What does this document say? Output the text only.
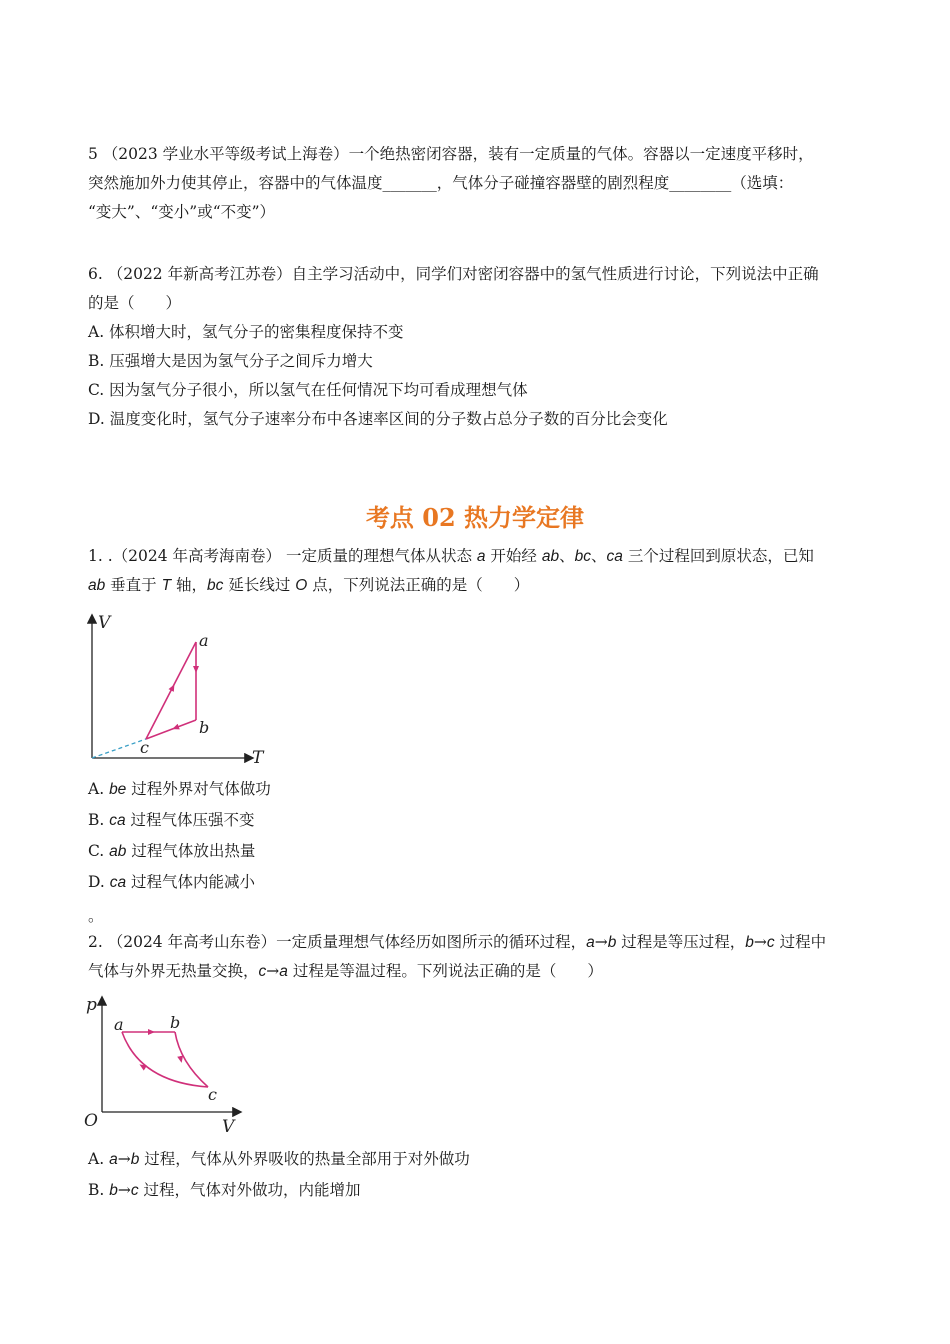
5 （2023 学业水平等级考试上海卷）一个绝热密闭容器，装有一定质量的气体。容器以一定速度平移时，
突然施加外力使其停止，容器中的气体温度_______，气体分子碰撞容器壁的剧烈程度________（选填：
“变大”、“变小”或“不变”）
6. （2022 年新高考江苏卷）自主学习活动中，同学们对密闭容器中的氢气性质进行讨论，下列说法中正确
的是（　　）
A. 体积增大时，氢气分子的密集程度保持不变
B. 压强增大是因为氢气分子之间斥力增大
C. 因为氢气分子很小，所以氢气在任何情况下均可看成理想气体
D. 温度变化时，氢气分子速率分布中各速率区间的分子数占总分子数的百分比会变化
考点 02 热力学定律
1. .（2024 年高考海南卷） 一定质量的理想气体从状态 a 开始经 ab、bc、ca 三个过程回到原状态，已知
ab 垂直于 T 轴，bc 延长线过 O 点，下列说法正确的是（　　）
V
T
a
b
c
A. be 过程外界对气体做功
B. ca 过程气体压强不变
C. ab 过程气体放出热量
D. ca 过程气体内能减小
。
2. （2024 年高考山东卷）一定质量理想气体经历如图所示的循环过程，a→b 过程是等压过程，b→c 过程中
气体与外界无热量交换，c→a 过程是等温过程。下列说法正确的是（　　）
p
V
O
a	b
c
A. a→b 过程，气体从外界吸收的热量全部用于对外做功
B. b→c 过程，气体对外做功，内能增加
